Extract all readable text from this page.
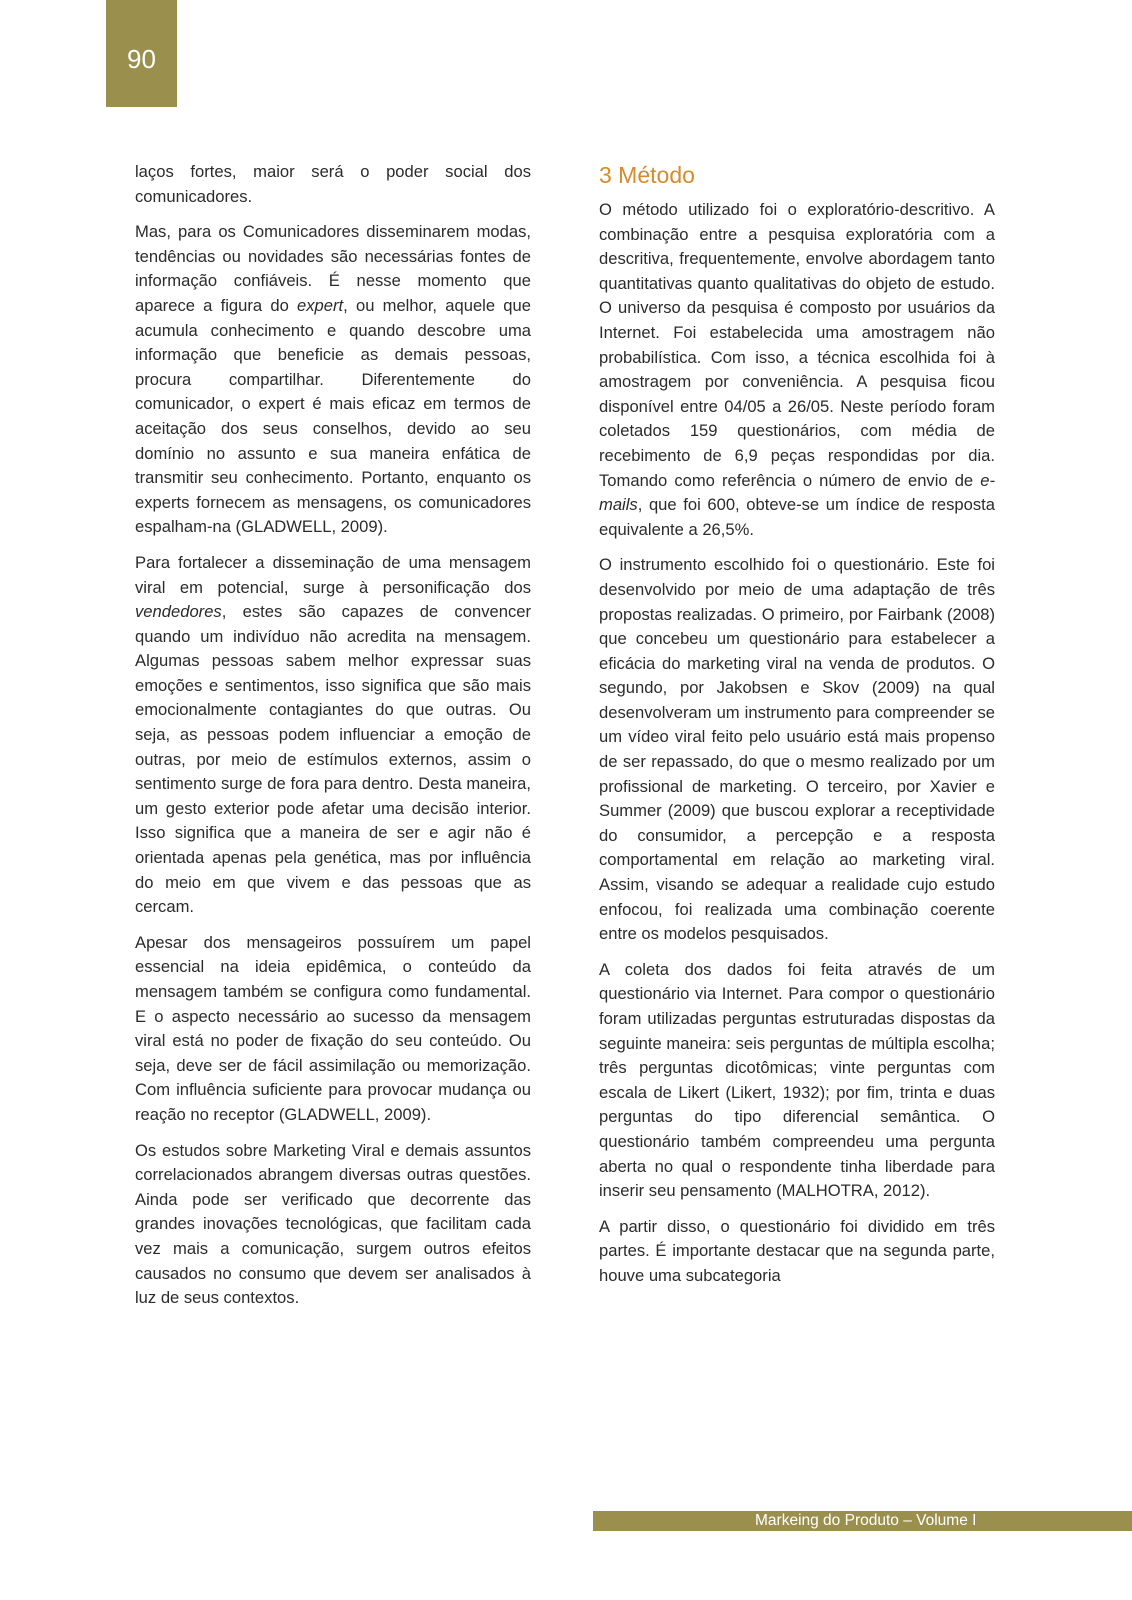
90

laços fortes, maior será o poder social dos comunicadores.

Mas, para os Comunicadores disseminarem modas, tendências ou novidades são necessárias fontes de informação confiáveis. É nesse momento que aparece a figura do expert, ou melhor, aquele que acumula conhecimento e quando descobre uma informação que beneficie as demais pessoas, procura compartilhar. Diferentemente do comunicador, o expert é mais eficaz em termos de aceitação dos seus conselhos, devido ao seu domínio no assunto e sua maneira enfática de transmitir seu conhecimento. Portanto, enquanto os experts fornecem as mensagens, os comunicadores espalham-na (GLADWELL, 2009).

Para fortalecer a disseminação de uma mensagem viral em potencial, surge à personificação dos vendedores, estes são capazes de convencer quando um indivíduo não acredita na mensagem. Algumas pessoas sabem melhor expressar suas emoções e sentimentos, isso significa que são mais emocionalmente contagiantes do que outras. Ou seja, as pessoas podem influenciar a emoção de outras, por meio de estímulos externos, assim o sentimento surge de fora para dentro. Desta maneira, um gesto exterior pode afetar uma decisão interior. Isso significa que a maneira de ser e agir não é orientada apenas pela genética, mas por influência do meio em que vivem e das pessoas que as cercam.

Apesar dos mensageiros possuírem um papel essencial na ideia epidêmica, o conteúdo da mensagem também se configura como fundamental. E o aspecto necessário ao sucesso da mensagem viral está no poder de fixação do seu conteúdo. Ou seja, deve ser de fácil assimilação ou memorização. Com influência suficiente para provocar mudança ou reação no receptor (GLADWELL, 2009).

Os estudos sobre Marketing Viral e demais assuntos correlacionados abrangem diversas outras questões. Ainda pode ser verificado que decorrente das grandes inovações tecnológicas, que facilitam cada vez mais a comunicação, surgem outros efeitos causados no consumo que devem ser analisados à luz de seus contextos.

3 Método

O método utilizado foi o exploratório-descritivo. A combinação entre a pesquisa exploratória com a descritiva, frequentemente, envolve abordagem tanto quantitativas quanto qualitativas do objeto de estudo. O universo da pesquisa é composto por usuários da Internet. Foi estabelecida uma amostragem não probabilística. Com isso, a técnica escolhida foi à amostragem por conveniência. A pesquisa ficou disponível entre 04/05 a 26/05. Neste período foram coletados 159 questionários, com média de recebimento de 6,9 peças respondidas por dia. Tomando como referência o número de envio de e-mails, que foi 600, obteve-se um índice de resposta equivalente a 26,5%.

O instrumento escolhido foi o questionário. Este foi desenvolvido por meio de uma adaptação de três propostas realizadas. O primeiro, por Fairbank (2008) que concebeu um questionário para estabelecer a eficácia do marketing viral na venda de produtos. O segundo, por Jakobsen e Skov (2009) na qual desenvolveram um instrumento para compreender se um vídeo viral feito pelo usuário está mais propenso de ser repassado, do que o mesmo realizado por um profissional de marketing. O terceiro, por Xavier e Summer (2009) que buscou explorar a receptividade do consumidor, a percepção e a resposta comportamental em relação ao marketing viral. Assim, visando se adequar a realidade cujo estudo enfocou, foi realizada uma combinação coerente entre os modelos pesquisados.

A coleta dos dados foi feita através de um questionário via Internet. Para compor o questionário foram utilizadas perguntas estruturadas dispostas da seguinte maneira: seis perguntas de múltipla escolha; três perguntas dicotômicas; vinte perguntas com escala de Likert (Likert, 1932); por fim, trinta e duas perguntas do tipo diferencial semântica. O questionário também compreendeu uma pergunta aberta no qual o respondente tinha liberdade para inserir seu pensamento (MALHOTRA, 2012).

A partir disso, o questionário foi dividido em três partes. É importante destacar que na segunda parte, houve uma subcategoria

Markeing do Produto – Volume I
